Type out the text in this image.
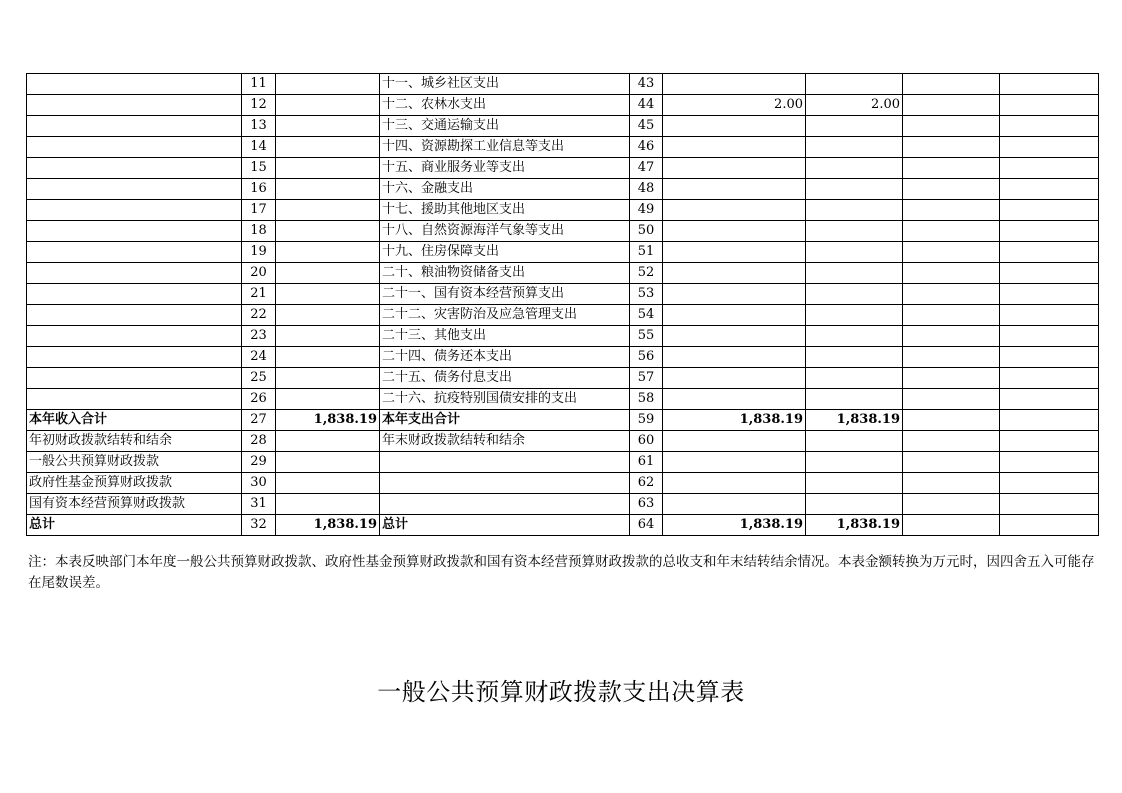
	11		十一、城乡社区支出	43				
	12		十二、农林水支出	44	2.00	2.00		
	13		十三、交通运输支出	45				
	14		十四、资源勘探工业信息等支出	46				
	15		十五、商业服务业等支出	47				
	16		十六、金融支出	48				
	17		十七、援助其他地区支出	49				
	18		十八、自然资源海洋气象等支出	50				
	19		十九、住房保障支出	51				
	20		二十、粮油物资储备支出	52				
	21		二十一、国有资本经营预算支出	53				
	22		二十二、灾害防治及应急管理支出	54				
	23		二十三、其他支出	55				
	24		二十四、债务还本支出	56				
	25		二十五、债务付息支出	57				
	26		二十六、抗疫特别国债安排的支出	58				
本年收入合计	27	1,838.19	本年支出合计	59	1,838.19	1,838.19		
年初财政拨款结转和结余	28		年末财政拨款结转和结余	60				
一般公共预算财政拨款	29			61				
政府性基金预算财政拨款	30			62				
国有资本经营预算财政拨款	31			63				
总计	32	1,838.19	总计	64	1,838.19	1,838.19		
注：本表反映部门本年度一般公共预算财政拨款、政府性基金预算财政拨款和国有资本经营预算财政拨款的总收支和年末结转结余情况。本表金额转换为万元时，因四舍五入可能存在尾数误差。
一般公共预算财政拨款支出决算表
